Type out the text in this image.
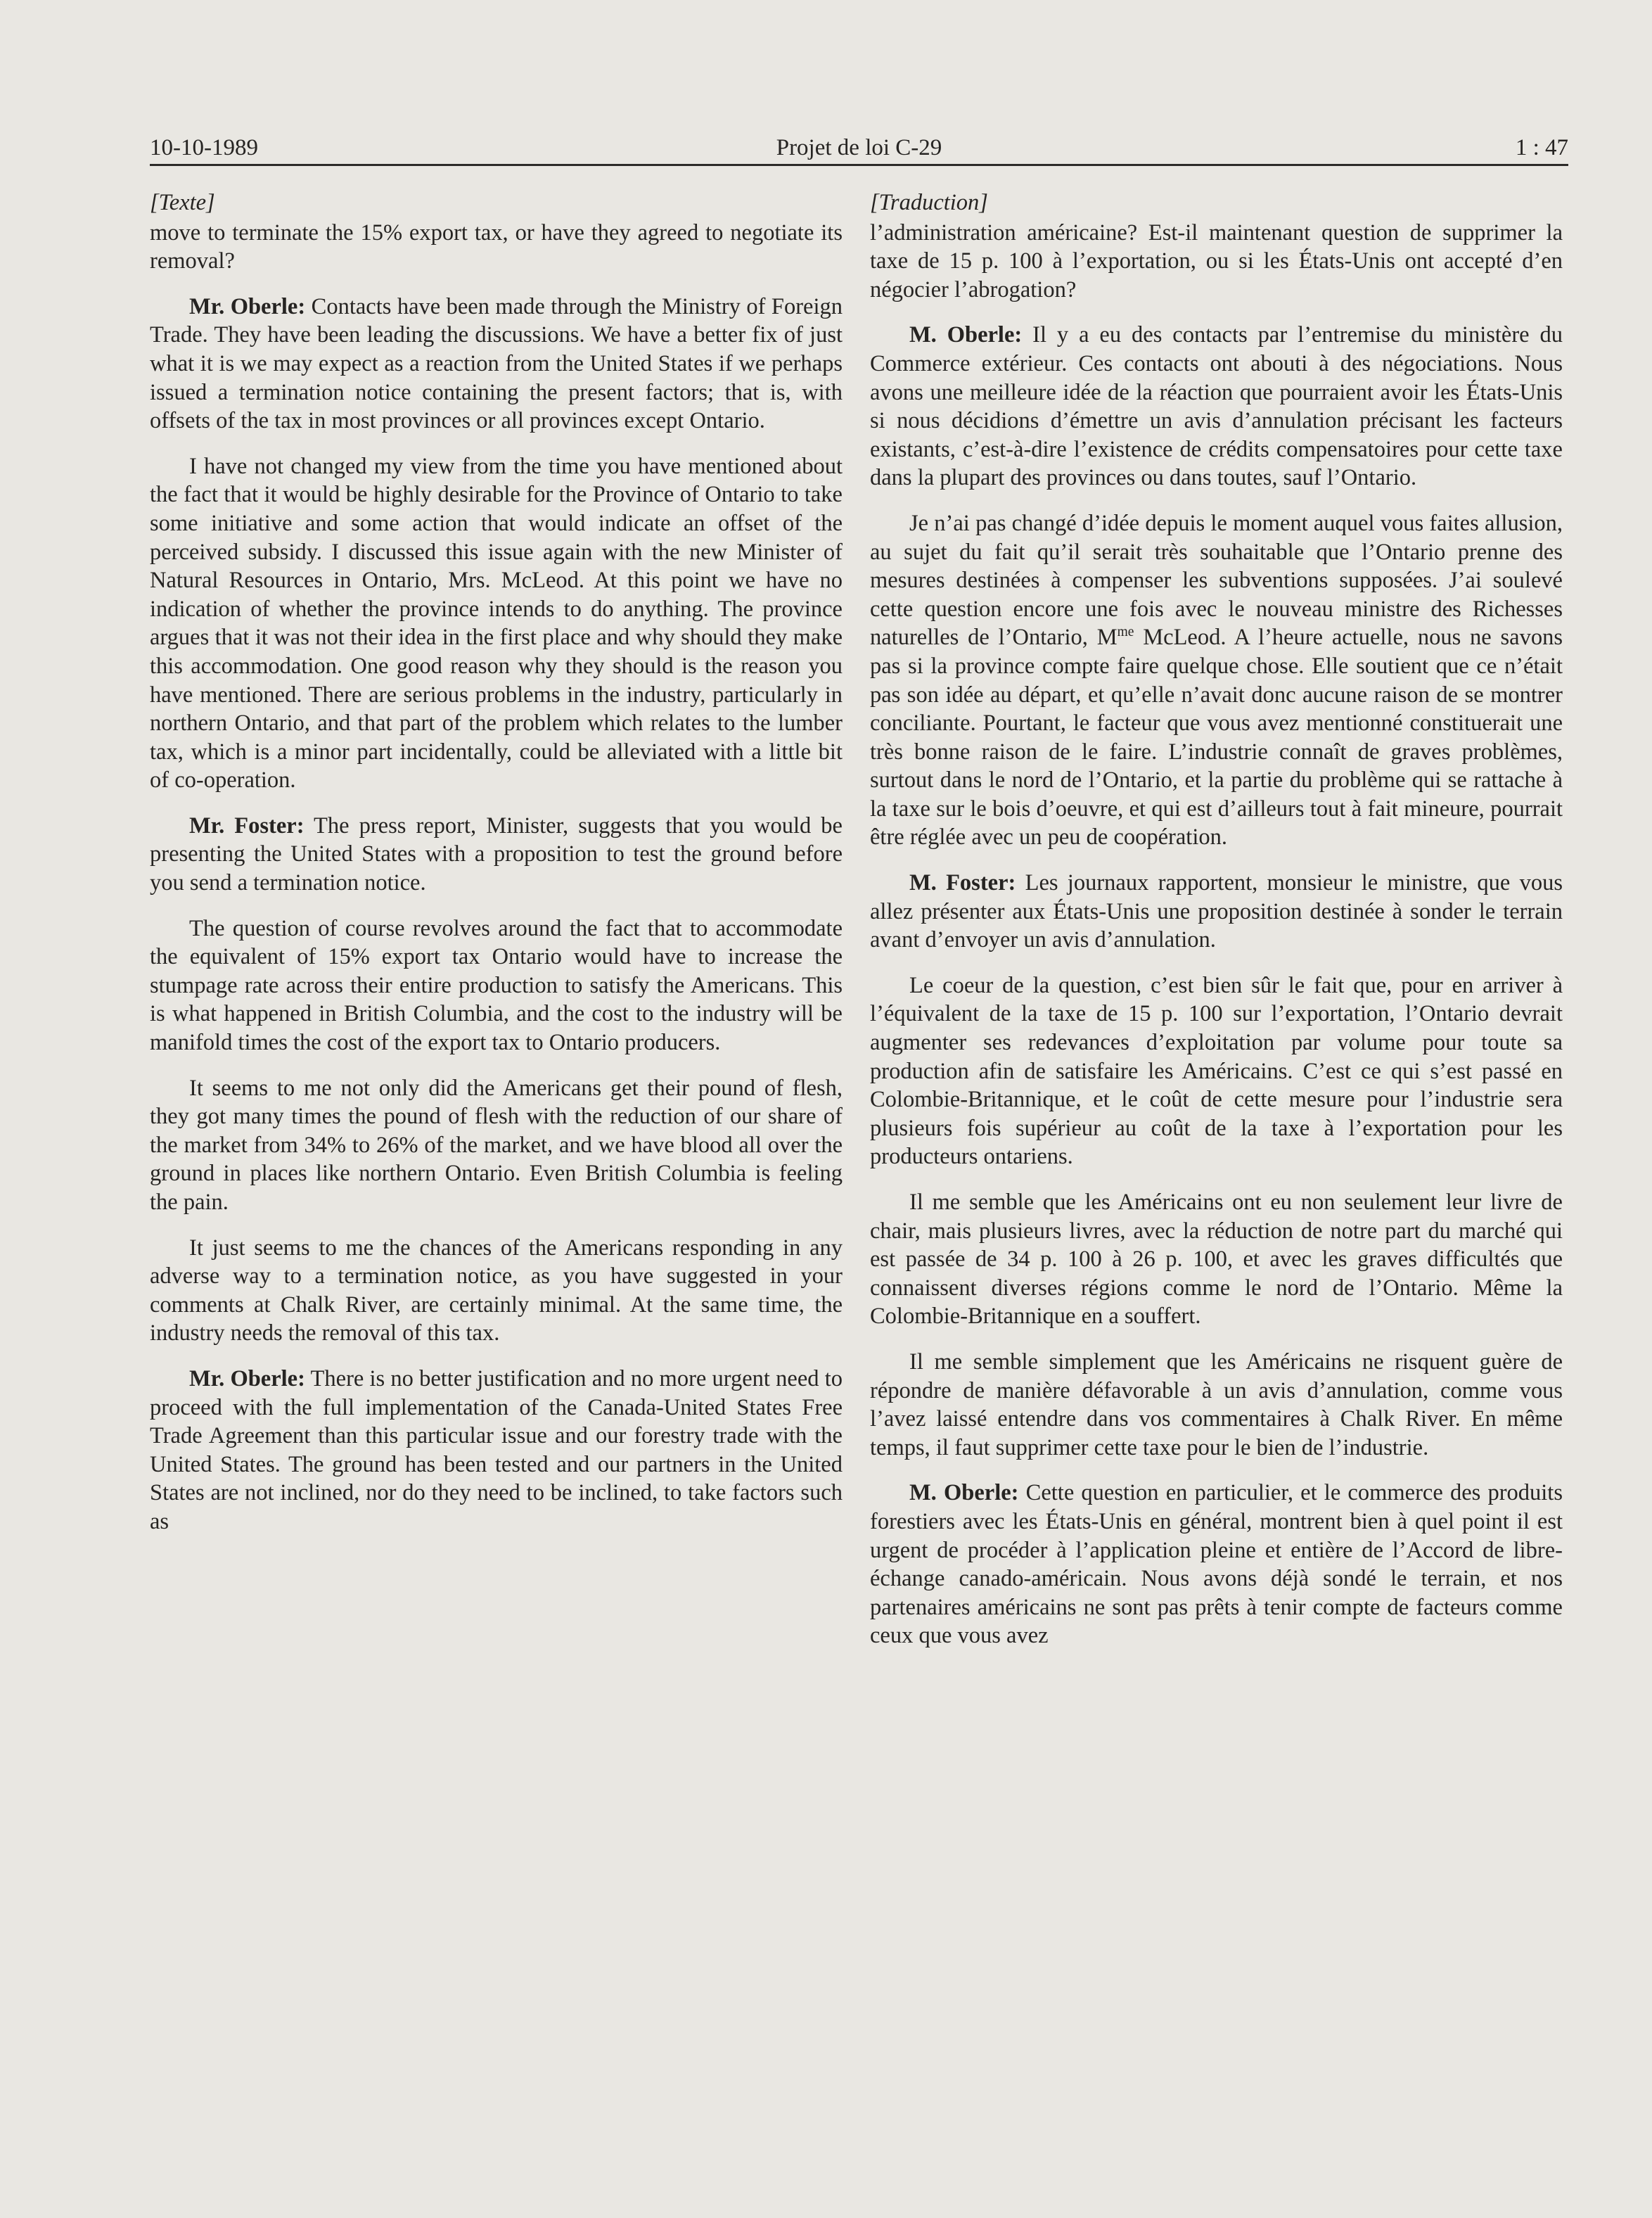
10-10-1989	Projet de loi C-29	1 : 47
[Texte]

move to terminate the 15% export tax, or have they agreed to negotiate its removal?

Mr. Oberle: Contacts have been made through the Ministry of Foreign Trade. They have been leading the discussions. We have a better fix of just what it is we may expect as a reaction from the United States if we perhaps issued a termination notice containing the present factors; that is, with offsets of the tax in most provinces or all provinces except Ontario.

I have not changed my view from the time you have mentioned about the fact that it would be highly desirable for the Province of Ontario to take some initiative and some action that would indicate an offset of the perceived subsidy. I discussed this issue again with the new Minister of Natural Resources in Ontario, Mrs. McLeod. At this point we have no indication of whether the province intends to do anything. The province argues that it was not their idea in the first place and why should they make this accommodation. One good reason why they should is the reason you have mentioned. There are serious problems in the industry, particularly in northern Ontario, and that part of the problem which relates to the lumber tax, which is a minor part incidentally, could be alleviated with a little bit of co-operation.

Mr. Foster: The press report, Minister, suggests that you would be presenting the United States with a proposition to test the ground before you send a termination notice.

The question of course revolves around the fact that to accommodate the equivalent of 15% export tax Ontario would have to increase the stumpage rate across their entire production to satisfy the Americans. This is what happened in British Columbia, and the cost to the industry will be manifold times the cost of the export tax to Ontario producers.

It seems to me not only did the Americans get their pound of flesh, they got many times the pound of flesh with the reduction of our share of the market from 34% to 26% of the market, and we have blood all over the ground in places like northern Ontario. Even British Columbia is feeling the pain.

It just seems to me the chances of the Americans responding in any adverse way to a termination notice, as you have suggested in your comments at Chalk River, are certainly minimal. At the same time, the industry needs the removal of this tax.

Mr. Oberle: There is no better justification and no more urgent need to proceed with the full implementation of the Canada-United States Free Trade Agreement than this particular issue and our forestry trade with the United States. The ground has been tested and our partners in the United States are not inclined, nor do they need to be inclined, to take factors such as

[Traduction]

l’administration américaine? Est-il maintenant question de supprimer la taxe de 15 p. 100 à l’exportation, ou si les États-Unis ont accepté d’en négocier l’abrogation?

M. Oberle: Il y a eu des contacts par l’entremise du ministère du Commerce extérieur. Ces contacts ont abouti à des négociations. Nous avons une meilleure idée de la réaction que pourraient avoir les États-Unis si nous décidions d’émettre un avis d’annulation précisant les facteurs existants, c’est-à-dire l’existence de crédits compensatoires pour cette taxe dans la plupart des provinces ou dans toutes, sauf l’Ontario.

Je n’ai pas changé d’idée depuis le moment auquel vous faites allusion, au sujet du fait qu’il serait très souhaitable que l’Ontario prenne des mesures destinées à compenser les subventions supposées. J’ai soulevé cette question encore une fois avec le nouveau ministre des Richesses naturelles de l’Ontario, $M^{me}$ McLeod. A l’heure actuelle, nous ne savons pas si la province compte faire quelque chose. Elle soutient que ce n’était pas son idée au départ, et qu’elle n’avait donc aucune raison de se montrer conciliante. Pourtant, le facteur que vous avez mentionné constituerait une très bonne raison de le faire. L’industrie connaît de graves problèmes, surtout dans le nord de l’Ontario, et la partie du problème qui se rattache à la taxe sur le bois d’oeuvre, et qui est d’ailleurs tout à fait mineure, pourrait être réglée avec un peu de coopération.

M. Foster: Les journaux rapportent, monsieur le ministre, que vous allez présenter aux États-Unis une proposition destinée à sonder le terrain avant d’envoyer un avis d’annulation.

Le coeur de la question, c’est bien sûr le fait que, pour en arriver à l’équivalent de la taxe de 15 p. 100 sur l’exportation, l’Ontario devrait augmenter ses redevances d’exploitation par volume pour toute sa production afin de satisfaire les Américains. C’est ce qui s’est passé en Colombie-Britannique, et le coût de cette mesure pour l’industrie sera plusieurs fois supérieur au coût de la taxe à l’exportation pour les producteurs ontariens.

Il me semble que les Américains ont eu non seulement leur livre de chair, mais plusieurs livres, avec la réduction de notre part du marché qui est passée de 34 p. 100 à 26 p. 100, et avec les graves difficultés que connaissent diverses régions comme le nord de l’Ontario. Même la Colombie-Britannique en a souffert.

Il me semble simplement que les Américains ne risquent guère de répondre de manière défavorable à un avis d’annulation, comme vous l’avez laissé entendre dans vos commentaires à Chalk River. En même temps, il faut supprimer cette taxe pour le bien de l’industrie.

M. Oberle: Cette question en particulier, et le commerce des produits forestiers avec les États-Unis en général, montrent bien à quel point il est urgent de procéder à l’application pleine et entière de l’Accord de libre-échange canado-américain. Nous avons déjà sondé le terrain, et nos partenaires américains ne sont pas prêts à tenir compte de facteurs comme ceux que vous avez
